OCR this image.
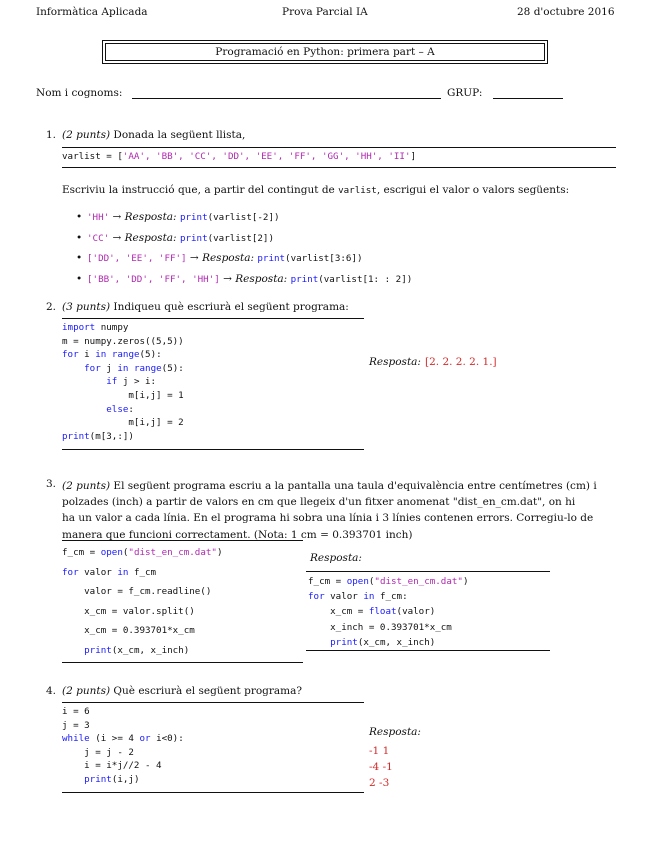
Informàtica Aplicada	Prova Parcial IA	28 d'octubre 2016
Programació en Python: primera part – A
Nom i cognoms:	GRUP:
1. (2 punts) Donada la següent llista,
varlist = ['AA', 'BB', 'CC', 'DD', 'EE', 'FF', 'GG', 'HH', 'II']
Escriviu la instrucció que, a partir del contingut de varlist, escrigui el valor o valors següents:
• 'HH' → Resposta: print(varlist[-2])
• 'CC' → Resposta: print(varlist[2])
• ['DD', 'EE', 'FF'] → Resposta: print(varlist[3:6])
• ['BB', 'DD', 'FF', 'HH'] → Resposta: print(varlist[1: : 2])
2. (3 punts) Indiqueu què escriurà el següent programa:
import numpy
m = numpy.zeros((5,5))
for i in range(5):
for j in range(5):
if j > i:
m[i,j] = 1
else:
m[i,j] = 2
print(m[3,:])
Resposta: [2. 2. 2. 2. 1.]
3. (2 punts) El següent programa escriu a la pantalla una taula d'equivalència entre centímetres (cm) i
polzades (inch) a partir de valors en cm que llegeix d'un fitxer anomenat "dist_en_cm.dat", on hi
ha un valor a cada línia. En el programa hi sobra una línia i 3 línies contenen errors. Corregiu-lo de
manera que funcioni correctament. (Nota: 1 cm = 0.393701 inch)
f_cm = open("dist_en_cm.dat")
for valor in f_cm
valor = f_cm.readline()
x_cm = valor.split()
x_cm = 0.393701*x_cm
print(x_cm, x_inch)
Resposta:
f_cm = open("dist_en_cm.dat")
for valor in f_cm:
x_cm = float(valor)
x_inch = 0.393701*x_cm
print(x_cm, x_inch)
4. (2 punts) Què escriurà el següent programa?
i = 6
j = 3
while (i >= 4 or i<0):
j = j - 2
i = i*j//2 - 4
print(i,j)
Resposta:
-1 1
-4 -1
2 -3
